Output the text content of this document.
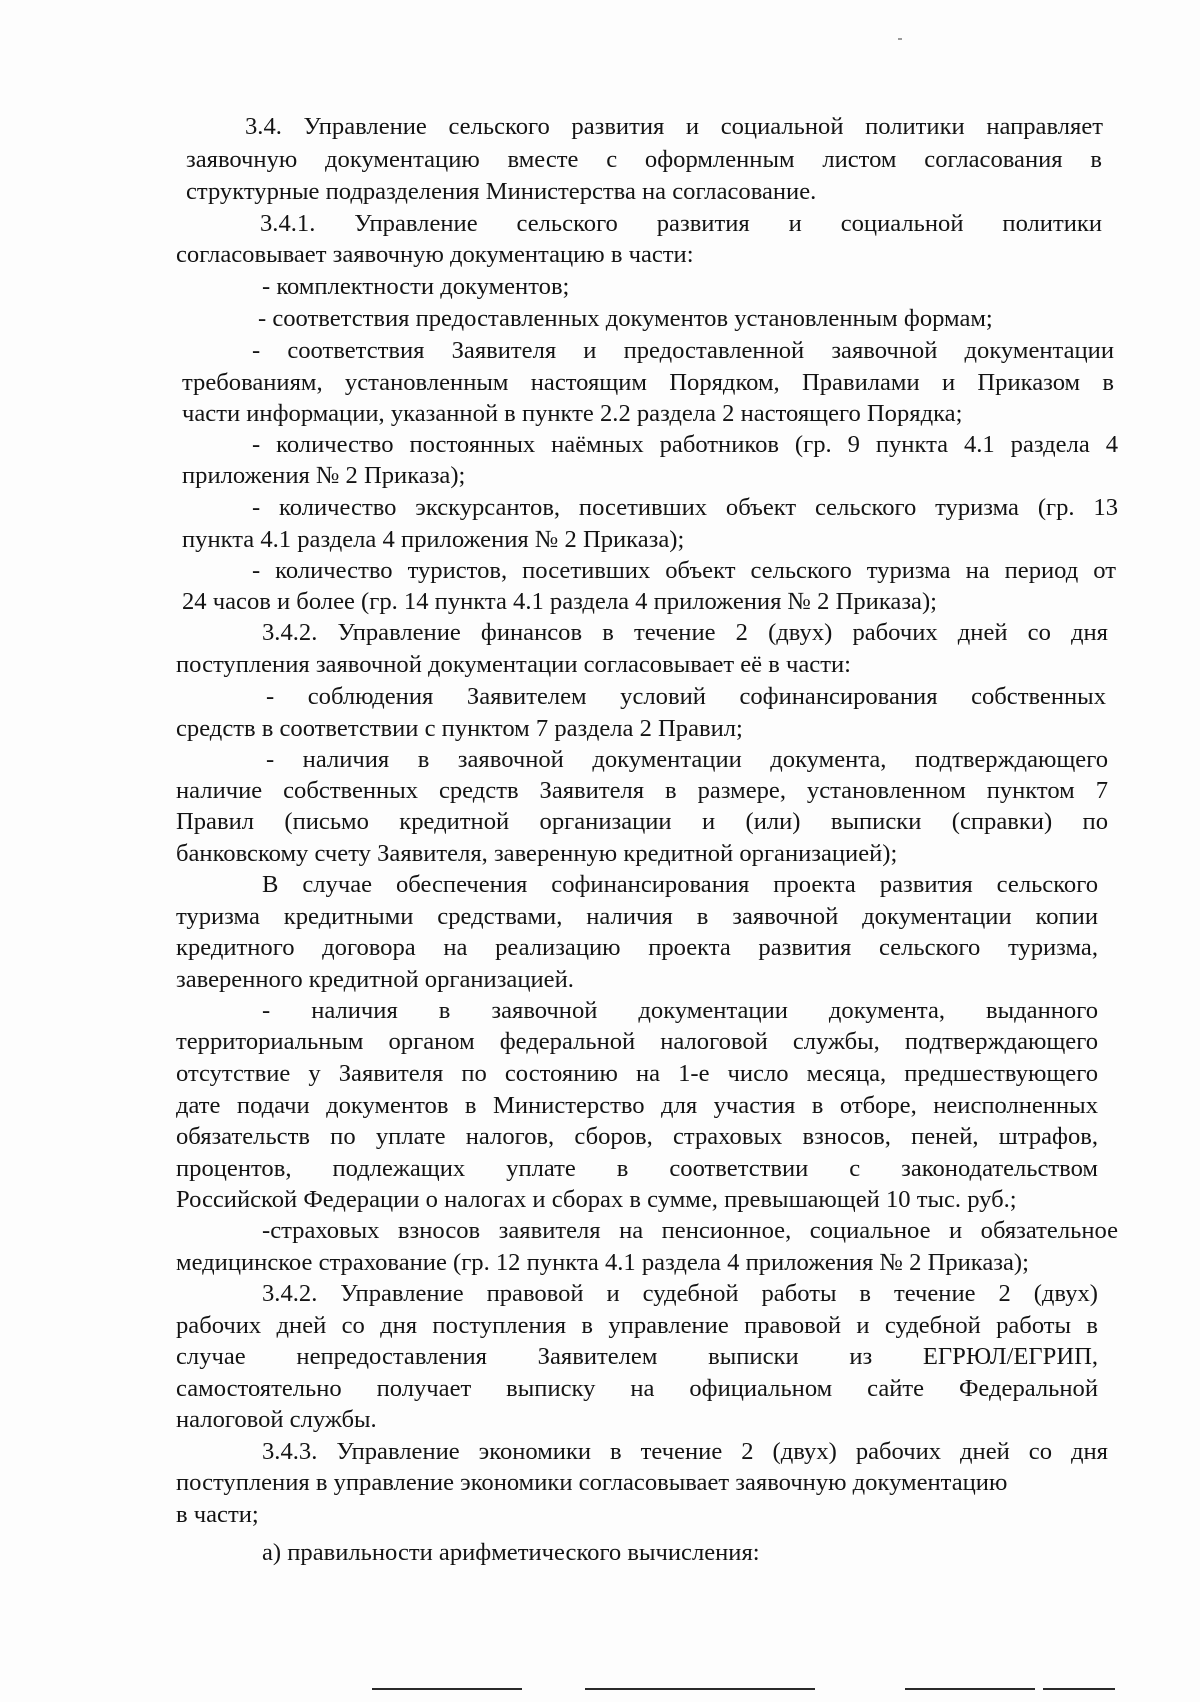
3.4. Управление сельского развития и социальной политики направляет

заявочную документацию вместе с оформленным листом согласования в

структурные подразделения Министерства на согласование.

3.4.1. Управление сельского развития и социальной политики

согласовывает заявочную документацию в части:

- комплектности документов;

- соответствия предоставленных документов установленным формам;

- соответствия Заявителя и предоставленной заявочной документации

требованиям, установленным настоящим Порядком, Правилами и Приказом в

части информации, указанной в пункте 2.2 раздела 2 настоящего Порядка;

- количество постоянных наёмных работников (гр. 9 пункта 4.1 раздела 4

приложения № 2 Приказа);

- количество экскурсантов, посетивших объект сельского туризма (гр. 13

пункта 4.1 раздела 4 приложения № 2 Приказа);

- количество туристов, посетивших объект сельского туризма на период от

24 часов и более (гр. 14 пункта 4.1 раздела 4 приложения № 2 Приказа);

3.4.2. Управление финансов в течение 2 (двух) рабочих дней со дня

поступления заявочной документации согласовывает её в части:

- соблюдения Заявителем условий софинансирования собственных

средств в соответствии с пунктом 7 раздела 2 Правил;

- наличия в заявочной документации документа, подтверждающего

наличие собственных средств Заявителя в размере, установленном пунктом 7

Правил (письмо кредитной организации и (или) выписки (справки) по

банковскому счету Заявителя, заверенную кредитной организацией);

В случае обеспечения софинансирования проекта развития сельского

туризма кредитными средствами, наличия в заявочной документации копии

кредитного договора на реализацию проекта развития сельского туризма,

заверенного кредитной организацией.

- наличия в заявочной документации документа, выданного

территориальным органом федеральной налоговой службы, подтверждающего

отсутствие у Заявителя по состоянию на 1-е число месяца, предшествующего

дате подачи документов в Министерство для участия в отборе, неисполненных

обязательств по уплате налогов, сборов, страховых взносов, пеней, штрафов,

процентов, подлежащих уплате в соответствии с законодательством

Российской Федерации о налогах и сборах в сумме, превышающей 10 тыс. руб.;

-страховых взносов заявителя на пенсионное, социальное и обязательное

медицинское страхование (гр. 12 пункта 4.1 раздела 4 приложения № 2 Приказа);

3.4.2. Управление правовой и судебной работы в течение 2 (двух)

рабочих дней со дня поступления в управление правовой и судебной работы в

случае непредоставления Заявителем выписки из ЕГРЮЛ/ЕГРИП,

самостоятельно получает выписку на официальном сайте Федеральной

налоговой службы.

3.4.3. Управление экономики в течение 2 (двух) рабочих дней со дня

поступления в управление экономики согласовывает заявочную документацию

в части;

а) правильности арифметического вычисления:
